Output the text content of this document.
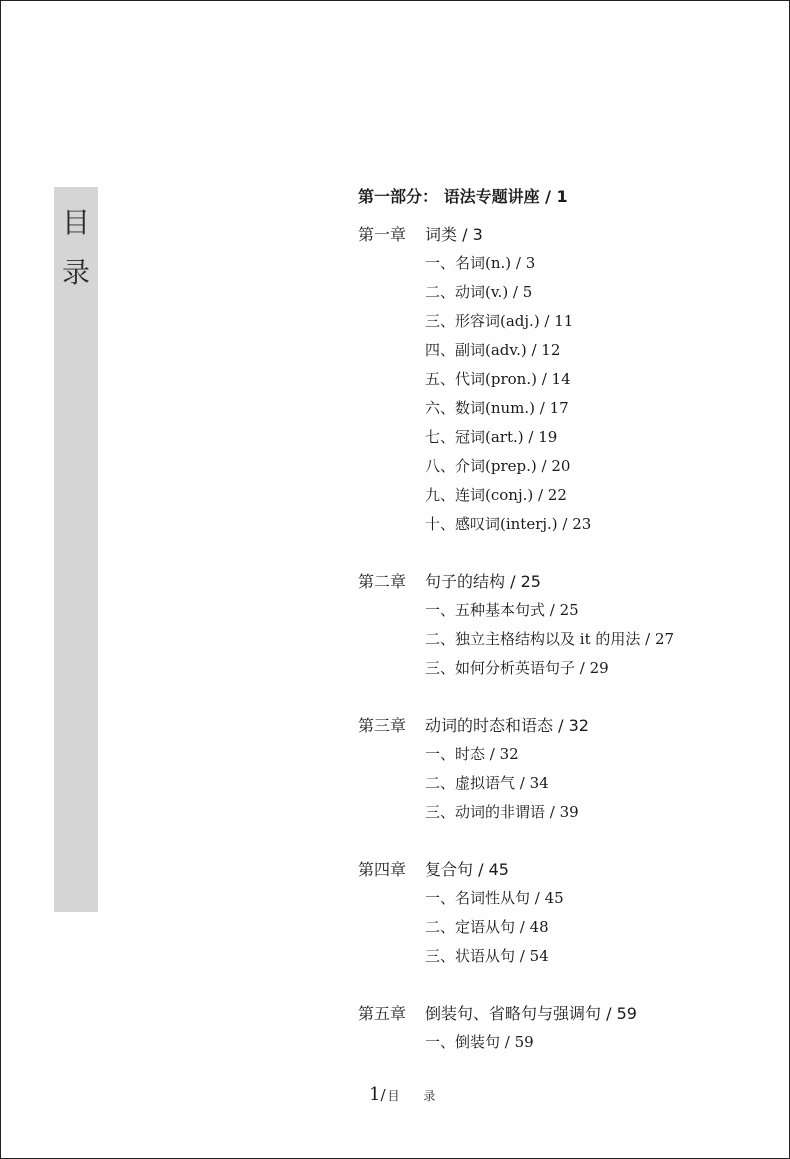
目
录
第一部分： 语法专题讲座 / 1
第一章 词类 / 3
一、名词(n.) / 3
二、动词(v.) / 5
三、形容词(adj.) / 11
四、副词(adv.) / 12
五、代词(pron.) / 14
六、数词(num.) / 17
七、冠词(art.) / 19
八、介词(prep.) / 20
九、连词(conj.) / 22
十、感叹词(interj.) / 23
第二章 句子的结构 / 25
一、五种基本句式 / 25
二、独立主格结构以及 it 的用法 / 27
三、如何分析英语句子 / 29
第三章 动词的时态和语态 / 32
一、时态 / 32
二、虚拟语气 / 34
三、动词的非谓语 / 39
第四章 复合句 / 45
一、名词性从句 / 45
二、定语从句 / 48
三、状语从句 / 54
第五章 倒装句、省略句与强调句 / 59
一、倒装句 / 59
1/ 目 录
